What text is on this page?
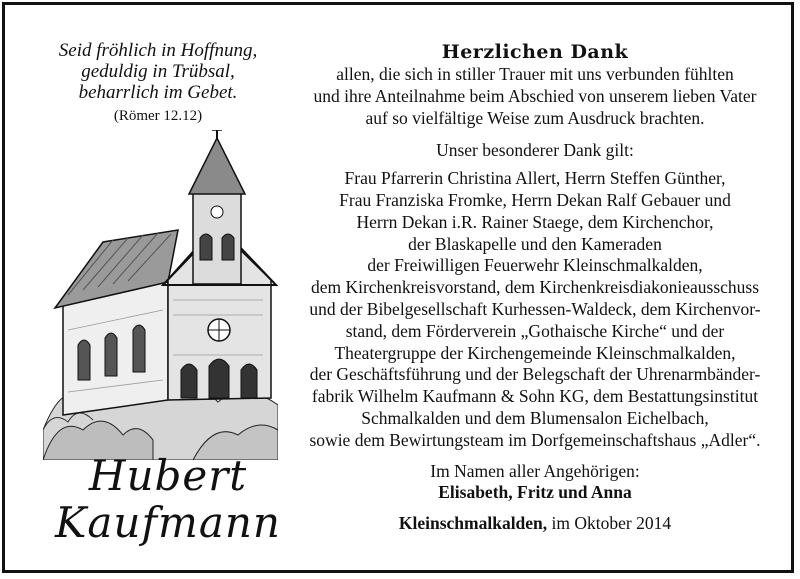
Seid fröhlich in Hoffnung,
geduldig in Trübsal,
beharrlich im Gebet.
(Römer 12.12)
Hubert
Kaufmann
Herzlichen Dank
allen, die sich in stiller Trauer mit uns verbunden fühlten
und ihre Anteilnahme beim Abschied von unserem lieben Vater
auf so vielfältige Weise zum Ausdruck brachten.
Unser besonderer Dank gilt:
Frau Pfarrerin Christina Allert, Herrn Steffen Günther,
Frau Franziska Fromke, Herrn Dekan Ralf Gebauer und
Herrn Dekan i.R. Rainer Staege, dem Kirchenchor,
der Blaskapelle und den Kameraden
der Freiwilligen Feuerwehr Kleinschmalkalden,
dem Kirchenkreisvorstand, dem Kirchenkreisdiakonieausschuss
und der Bibelgesellschaft Kurhessen-Waldeck, dem Kirchenvor-
stand, dem Förderverein „Gothaische Kirche“ und der
Theatergruppe der Kirchengemeinde Kleinschmalkalden,
der Geschäftsführung und der Belegschaft der Uhrenarmbänder-
fabrik Wilhelm Kaufmann & Sohn KG, dem Bestattungsinstitut
Schmalkalden und dem Blumensalon Eichelbach,
sowie dem Bewirtungsteam im Dorfgemeinschaftshaus „Adler“.
Im Namen aller Angehörigen:
Elisabeth, Fritz und Anna
Kleinschmalkalden, im Oktober 2014
